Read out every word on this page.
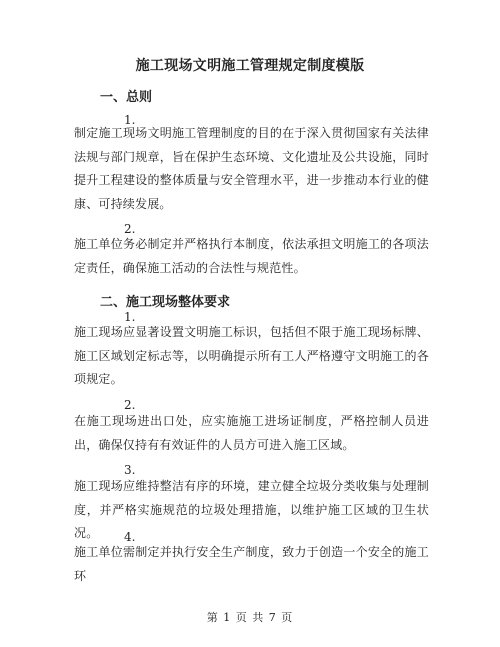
施工现场文明施工管理规定制度模版
一、总则
1.
制定施工现场文明施工管理制度的目的在于深入贯彻国家有关法律法规与部门规章，旨在保护生态环境、文化遗址及公共设施，同时提升工程建设的整体质量与安全管理水平，进一步推动本行业的健康、可持续发展。
2.
施工单位务必制定并严格执行本制度，依法承担文明施工的各项法定责任，确保施工活动的合法性与规范性。
二、施工现场整体要求
1.
施工现场应显著设置文明施工标识，包括但不限于施工现场标牌、施工区域划定标志等，以明确提示所有工人严格遵守文明施工的各项规定。
2.
在施工现场进出口处，应实施施工进场证制度，严格控制人员进出，确保仅持有有效证件的人员方可进入施工区域。
3.
施工现场应维持整洁有序的环境，建立健全垃圾分类收集与处理制度，并严格实施规范的垃圾处理措施，以维护施工区域的卫生状况。	4.
施工单位需制定并执行安全生产制度，致力于创造一个安全的施工环
第 1 页 共 7 页
